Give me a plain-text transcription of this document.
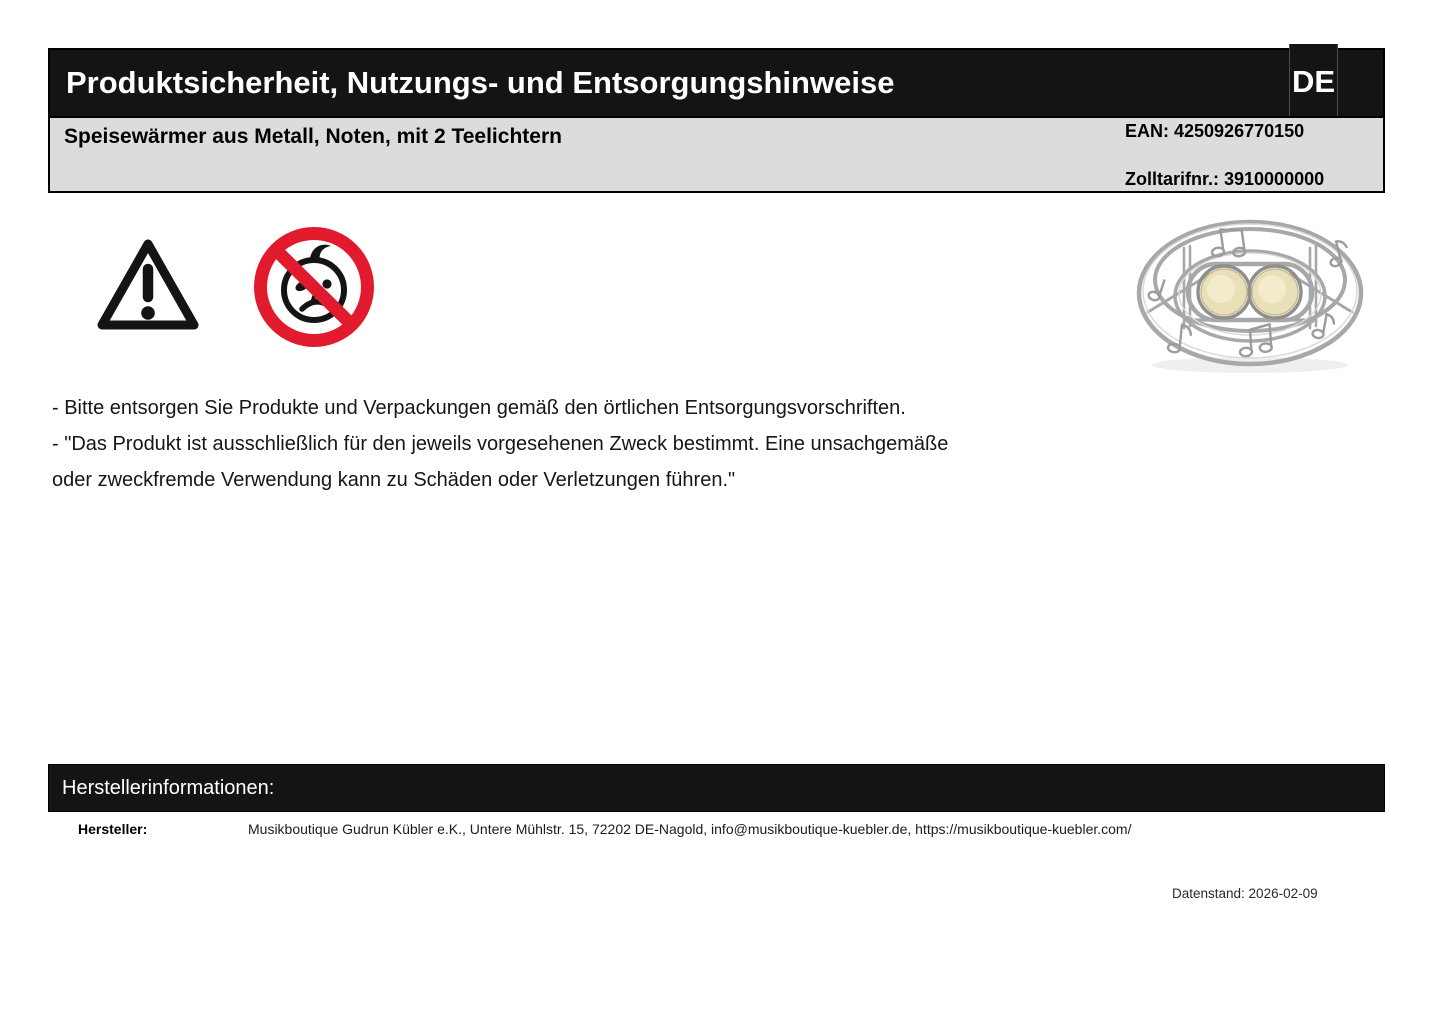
Produktsicherheit, Nutzungs- und Entsorgungshinweise	DE
Speisewärmer aus Metall, Noten, mit 2 Teelichtern	EAN: 4250926770150
Zolltarifnr.: 3910000000
- Bitte entsorgen Sie Produkte und Verpackungen gemäß den örtlichen Entsorgungsvorschriften.
- "Das Produkt ist ausschließlich für den jeweils vorgesehenen Zweck bestimmt. Eine unsachgemäße
oder zweckfremde Verwendung kann zu Schäden oder Verletzungen führen."
Herstellerinformationen:
Hersteller:	Musikboutique Gudrun Kübler e.K., Untere Mühlstr. 15, 72202 DE-Nagold, info@musikboutique-kuebler.de, https://musikboutique-kuebler.com/
Datenstand: 2026-02-09
